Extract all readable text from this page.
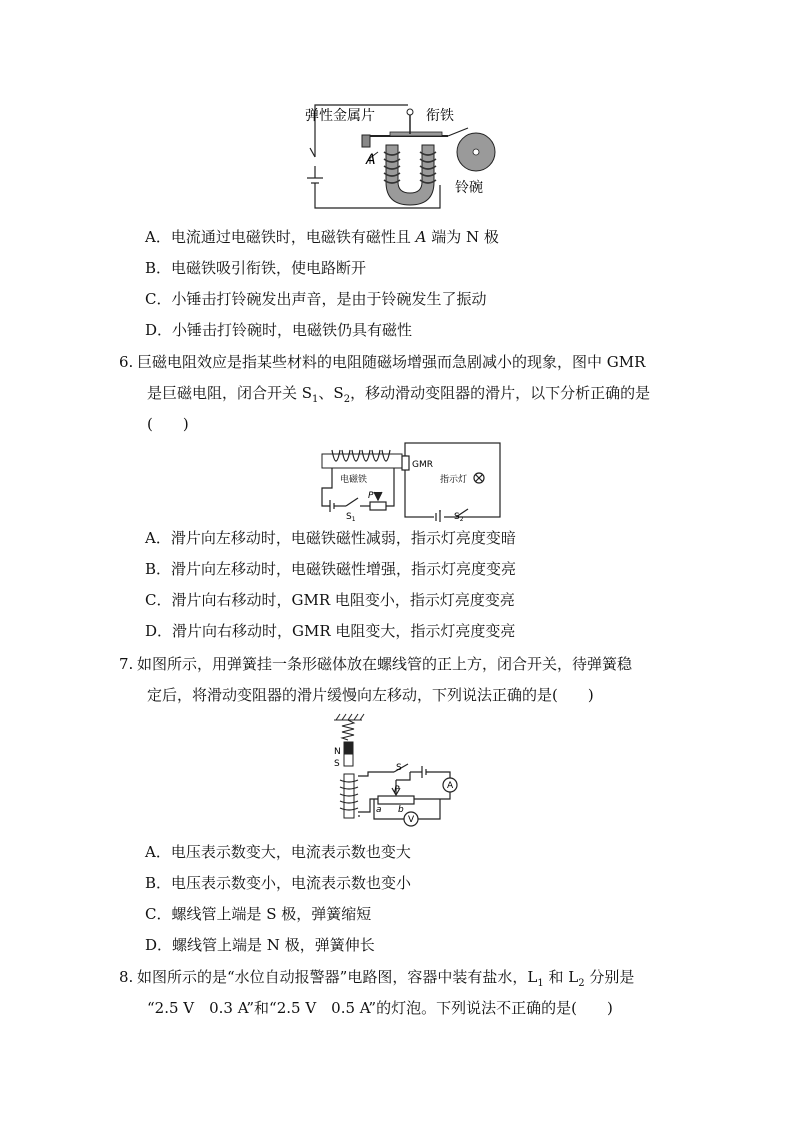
弹性金属片	衔铁
A
铃碗
A．电流通过电磁铁时，电磁铁有磁性且 A 端为 N 极
B．电磁铁吸引衔铁，使电路断开
C．小锤击打铃碗发出声音，是由于铃碗发生了振动
D．小锤击打铃碗时，电磁铁仍具有磁性
6. 巨磁电阻效应是指某些材料的电阻随磁场增强而急剧减小的现象，图中 GMR
是巨磁电阻，闭合开关 $S_1$、$S_2$，移动滑动变阻器的滑片，以下分析正确的是
(　　)
GMR
电磁铁	指示灯
P
$S_1$	$S_2$
A．滑片向左移动时，电磁铁磁性减弱，指示灯亮度变暗
B．滑片向左移动时，电磁铁磁性增强，指示灯亮度变亮
C．滑片向右移动时，GMR 电阻变小，指示灯亮度变亮
D．滑片向右移动时，GMR 电阻变大，指示灯亮度变亮
7. 如图所示，用弹簧挂一条形磁体放在螺线管的正上方，闭合开关，待弹簧稳
定后，将滑动变阻器的滑片缓慢向左移动，下列说法正确的是(　　)
N
S	S
P
a b
A
V
A．电压表示数变大，电流表示数也变大
B．电压表示数变小，电流表示数也变小
C．螺线管上端是 S 极，弹簧缩短
D．螺线管上端是 N 极，弹簧伸长
8. 如图所示的是“水位自动报警器”电路图，容器中装有盐水，$L_1$ 和 $L_2$ 分别是
“2.5 V　0.3 A”和“2.5 V　0.5 A”的灯泡。下列说法不正确的是(　　)
